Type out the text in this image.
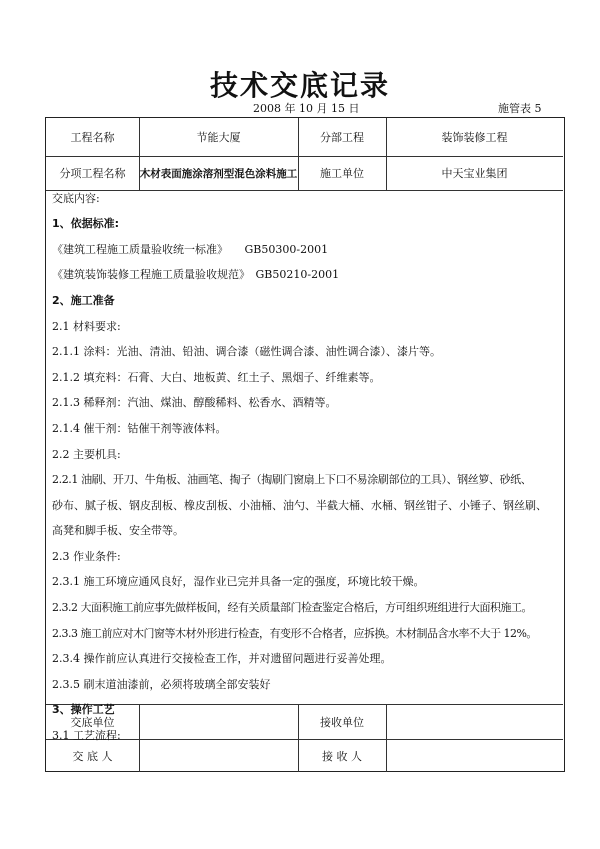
技术交底记录
2008 年 10 月 15 日	施管表 5
工程名称	节能大厦	分部工程	装饰装修工程
分项工程名称	木材表面施涂溶剂型混色涂料施工	施工单位	中天宝业集团
交底单位	接收单位
交 底 人	接 收 人
交底内容:
1、依据标准:
《建筑工程施工质量验收统一标准》　　GB50300-2001
《建筑装饰装修工程施工质量验收规范》　GB50210-2001
2、施工准备
2.1 材料要求:
2.1.1 涂料：光油、清油、铅油、调合漆（磁性调合漆、油性调合漆）、漆片等。
2.1.2 填充料：石膏、大白、地板黄、红土子、黑烟子、纤维素等。
2.1.3 稀释剂：汽油、煤油、醇酸稀料、松香水、酒精等。
2.1.4 催干剂：钴催干剂等液体料。
2.2 主要机具:
2.2.1 油刷、开刀、牛角板、油画笔、掏子（掏刷门窗扇上下口不易涂刷部位的工具）、钢丝箩、砂纸、
砂布、腻子板、钢皮刮板、橡皮刮板、小油桶、油勺、半截大桶、水桶、钢丝钳子、小锤子、钢丝刷、
高凳和脚手板、安全带等。
2.3 作业条件:
2.3.1 施工环境应通风良好，湿作业已完并具备一定的强度，环境比较干燥。
2.3.2 大面积施工前应事先做样板间，经有关质量部门检查鉴定合格后，方可组织班组进行大面积施工。
2.3.3 施工前应对木门窗等木材外形进行检查，有变形不合格者，应拆换。木材制品含水率不大于 12%。
2.3.4 操作前应认真进行交接检查工作，并对遗留问题进行妥善处理。
2.3.5 刷末道油漆前，必须将玻璃全部安装好
3、操作工艺
3.1 工艺流程:
